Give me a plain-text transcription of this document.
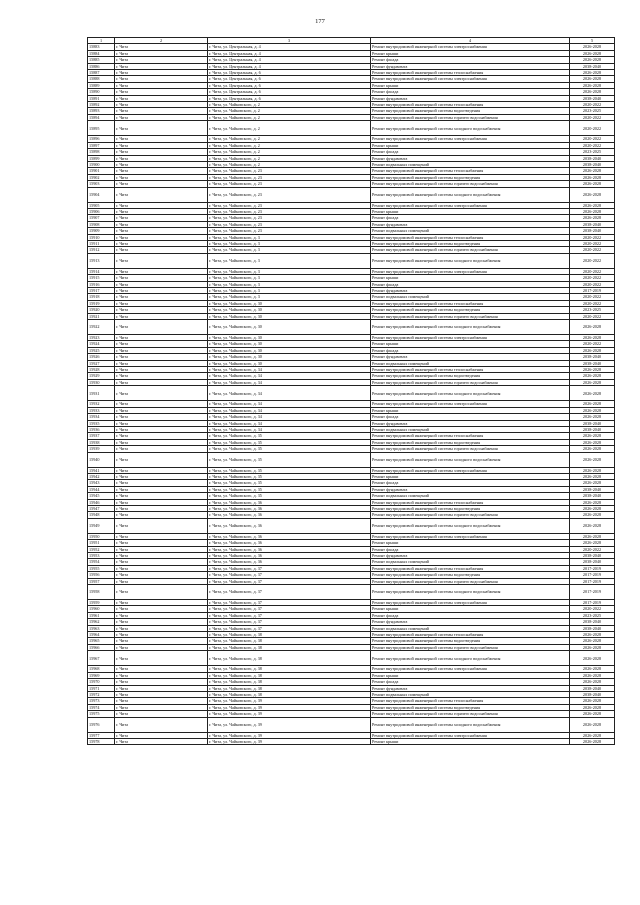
177
1	2	3	4	5
15883	г. Чита	г. Чита, ул. Центральная, д. 4	Ремонт внутридомовой инженерной системы электроснабжения	2026-2028
15884	г. Чита	г. Чита, ул. Центральная, д. 4	Ремонт крыши	2026-2028
15885	г. Чита	г. Чита, ул. Центральная, д. 4	Ремонт фасада	2026-2028
15886	г. Чита	г. Чита, ул. Центральная, д. 4	Ремонт фундамента	2038-2040
15887	г. Чита	г. Чита, ул. Центральная, д. 6	Ремонт внутридомовой инженерной системы теплоснабжения	2026-2028
15888	г. Чита	г. Чита, ул. Центральная, д. 6	Ремонт внутридомовой инженерной системы электроснабжения	2026-2028
15889	г. Чита	г. Чита, ул. Центральная, д. 6	Ремонт крыши	2026-2028
15890	г. Чита	г. Чита, ул. Центральная, д. 6	Ремонт фасада	2026-2028
15891	г. Чита	г. Чита, ул. Центральная, д. 6	Ремонт фундамента	2038-2040
15892	г. Чита	г. Чита, ул. Чайковского, д. 2	Ремонт внутридомовой инженерной системы теплоснабжения	2020-2022
15893	г. Чита	г. Чита, ул. Чайковского, д. 2	Ремонт внутридомовой инженерной системы водоотведения	2023-2025
15894	г. Чита	г. Чита, ул. Чайковского, д. 2	Ремонт внутридомовой инженерной системы горячего водоснабжения	2020-2022
15895	г. Чита	г. Чита, ул. Чайковского, д. 2	Ремонт внутридомовой инженерной системы холодного водоснабжения	2020-2022
15896	г. Чита	г. Чита, ул. Чайковского, д. 2	Ремонт внутридомовой инженерной системы электроснабжения	2020-2022
15897	г. Чита	г. Чита, ул. Чайковского, д. 2	Ремонт крыши	2020-2022
15898	г. Чита	г. Чита, ул. Чайковского, д. 2	Ремонт фасада	2023-2025
15899	г. Чита	г. Чита, ул. Чайковского, д. 2	Ремонт фундамента	2038-2040
15900	г. Чита	г. Чита, ул. Чайковского, д. 2	Ремонт подвальных помещений	2038-2040
15901	г. Чита	г. Чита, ул. Чайковского, д. 23	Ремонт внутридомовой инженерной системы теплоснабжения	2026-2028
15902	г. Чита	г. Чита, ул. Чайковского, д. 23	Ремонт внутридомовой инженерной системы водоотведения	2026-2028
15903	г. Чита	г. Чита, ул. Чайковского, д. 23	Ремонт внутридомовой инженерной системы горячего водоснабжения	2026-2028
15904	г. Чита	г. Чита, ул. Чайковского, д. 23	Ремонт внутридомовой инженерной системы холодного водоснабжения	2026-2028
15905	г. Чита	г. Чита, ул. Чайковского, д. 23	Ремонт внутридомовой инженерной системы электроснабжения	2026-2028
15906	г. Чита	г. Чита, ул. Чайковского, д. 23	Ремонт крыши	2026-2028
15907	г. Чита	г. Чита, ул. Чайковского, д. 23	Ремонт фасада	2026-2028
15908	г. Чита	г. Чита, ул. Чайковского, д. 23	Ремонт фундамента	2038-2040
15909	г. Чита	г. Чита, ул. Чайковского, д. 23	Ремонт подвальных помещений	2038-2040
15910	г. Чита	г. Чита, ул. Чайковского, д. 3	Ремонт внутридомовой инженерной системы теплоснабжения	2020-2022
15911	г. Чита	г. Чита, ул. Чайковского, д. 3	Ремонт внутридомовой инженерной системы водоотведения	2020-2022
15912	г. Чита	г. Чита, ул. Чайковского, д. 3	Ремонт внутридомовой инженерной системы горячего водоснабжения	2020-2022
15913	г. Чита	г. Чита, ул. Чайковского, д. 3	Ремонт внутридомовой инженерной системы холодного водоснабжения	2020-2022
15914	г. Чита	г. Чита, ул. Чайковского, д. 3	Ремонт внутридомовой инженерной системы электроснабжения	2020-2022
15915	г. Чита	г. Чита, ул. Чайковского, д. 3	Ремонт крыши	2020-2022
15916	г. Чита	г. Чита, ул. Чайковского, д. 3	Ремонт фасада	2020-2022
15917	г. Чита	г. Чита, ул. Чайковского, д. 3	Ремонт фундамента	2017-2019
15918	г. Чита	г. Чита, ул. Чайковского, д. 3	Ремонт подвальных помещений	2020-2022
15919	г. Чита	г. Чита, ул. Чайковского, д. 30	Ремонт внутридомовой инженерной системы теплоснабжения	2020-2022
15920	г. Чита	г. Чита, ул. Чайковского, д. 30	Ремонт внутридомовой инженерной системы водоотведения	2023-2025
15921	г. Чита	г. Чита, ул. Чайковского, д. 30	Ремонт внутридомовой инженерной системы горячего водоснабжения	2020-2022
15922	г. Чита	г. Чита, ул. Чайковского, д. 30	Ремонт внутридомовой инженерной системы холодного водоснабжения	2026-2028
15923	г. Чита	г. Чита, ул. Чайковского, д. 30	Ремонт внутридомовой инженерной системы электроснабжения	2026-2028
15924	г. Чита	г. Чита, ул. Чайковского, д. 30	Ремонт крыши	2020-2022
15925	г. Чита	г. Чита, ул. Чайковского, д. 30	Ремонт фасада	2026-2028
15926	г. Чита	г. Чита, ул. Чайковского, д. 30	Ремонт фундамента	2038-2040
15927	г. Чита	г. Чита, ул. Чайковского, д. 30	Ремонт подвальных помещений	2038-2040
15928	г. Чита	г. Чита, ул. Чайковского, д. 34	Ремонт внутридомовой инженерной системы теплоснабжения	2026-2028
15929	г. Чита	г. Чита, ул. Чайковского, д. 34	Ремонт внутридомовой инженерной системы водоотведения	2026-2028
15930	г. Чита	г. Чита, ул. Чайковского, д. 34	Ремонт внутридомовой инженерной системы горячего водоснабжения	2026-2028
15931	г. Чита	г. Чита, ул. Чайковского, д. 34	Ремонт внутридомовой инженерной системы холодного водоснабжения	2026-2028
15932	г. Чита	г. Чита, ул. Чайковского, д. 34	Ремонт внутридомовой инженерной системы электроснабжения	2026-2028
15933	г. Чита	г. Чита, ул. Чайковского, д. 34	Ремонт крыши	2026-2028
15934	г. Чита	г. Чита, ул. Чайковского, д. 34	Ремонт фасада	2026-2028
15935	г. Чита	г. Чита, ул. Чайковского, д. 34	Ремонт фундамента	2038-2040
15936	г. Чита	г. Чита, ул. Чайковского, д. 34	Ремонт подвальных помещений	2038-2040
15937	г. Чита	г. Чита, ул. Чайковского, д. 35	Ремонт внутридомовой инженерной системы теплоснабжения	2026-2028
15938	г. Чита	г. Чита, ул. Чайковского, д. 35	Ремонт внутридомовой инженерной системы водоотведения	2026-2028
15939	г. Чита	г. Чита, ул. Чайковского, д. 35	Ремонт внутридомовой инженерной системы горячего водоснабжения	2026-2028
15940	г. Чита	г. Чита, ул. Чайковского, д. 35	Ремонт внутридомовой инженерной системы холодного водоснабжения	2026-2028
15941	г. Чита	г. Чита, ул. Чайковского, д. 35	Ремонт внутридомовой инженерной системы электроснабжения	2026-2028
15942	г. Чита	г. Чита, ул. Чайковского, д. 35	Ремонт крыши	2026-2028
15943	г. Чита	г. Чита, ул. Чайковского, д. 35	Ремонт фасада	2026-2028
15944	г. Чита	г. Чита, ул. Чайковского, д. 35	Ремонт фундамента	2038-2040
15945	г. Чита	г. Чита, ул. Чайковского, д. 35	Ремонт подвальных помещений	2038-2040
15946	г. Чита	г. Чита, ул. Чайковского, д. 36	Ремонт внутридомовой инженерной системы теплоснабжения	2026-2028
15947	г. Чита	г. Чита, ул. Чайковского, д. 36	Ремонт внутридомовой инженерной системы водоотведения	2026-2028
15948	г. Чита	г. Чита, ул. Чайковского, д. 36	Ремонт внутридомовой инженерной системы горячего водоснабжения	2026-2028
15949	г. Чита	г. Чита, ул. Чайковского, д. 36	Ремонт внутридомовой инженерной системы холодного водоснабжения	2026-2028
15950	г. Чита	г. Чита, ул. Чайковского, д. 36	Ремонт внутридомовой инженерной системы электроснабжения	2026-2028
15951	г. Чита	г. Чита, ул. Чайковского, д. 36	Ремонт крыши	2026-2028
15952	г. Чита	г. Чита, ул. Чайковского, д. 36	Ремонт фасада	2020-2022
15953	г. Чита	г. Чита, ул. Чайковского, д. 36	Ремонт фундамента	2038-2040
15954	г. Чита	г. Чита, ул. Чайковского, д. 36	Ремонт подвальных помещений	2038-2040
15955	г. Чита	г. Чита, ул. Чайковского, д. 37	Ремонт внутридомовой инженерной системы теплоснабжения	2017-2019
15956	г. Чита	г. Чита, ул. Чайковского, д. 37	Ремонт внутридомовой инженерной системы водоотведения	2017-2019
15957	г. Чита	г. Чита, ул. Чайковского, д. 37	Ремонт внутридомовой инженерной системы горячего водоснабжения	2017-2019
15958	г. Чита	г. Чита, ул. Чайковского, д. 37	Ремонт внутридомовой инженерной системы холодного водоснабжения	2017-2019
15959	г. Чита	г. Чита, ул. Чайковского, д. 37	Ремонт внутридомовой инженерной системы электроснабжения	2017-2019
15960	г. Чита	г. Чита, ул. Чайковского, д. 37	Ремонт крыши	2020-2022
15961	г. Чита	г. Чита, ул. Чайковского, д. 37	Ремонт фасада	2023-2025
15962	г. Чита	г. Чита, ул. Чайковского, д. 37	Ремонт фундамента	2038-2040
15963	г. Чита	г. Чита, ул. Чайковского, д. 37	Ремонт подвальных помещений	2038-2040
15964	г. Чита	г. Чита, ул. Чайковского, д. 38	Ремонт внутридомовой инженерной системы теплоснабжения	2026-2028
15965	г. Чита	г. Чита, ул. Чайковского, д. 38	Ремонт внутридомовой инженерной системы водоотведения	2026-2028
15966	г. Чита	г. Чита, ул. Чайковского, д. 38	Ремонт внутридомовой инженерной системы горячего водоснабжения	2026-2028
15967	г. Чита	г. Чита, ул. Чайковского, д. 38	Ремонт внутридомовой инженерной системы холодного водоснабжения	2026-2028
15968	г. Чита	г. Чита, ул. Чайковского, д. 38	Ремонт внутридомовой инженерной системы электроснабжения	2026-2028
15969	г. Чита	г. Чита, ул. Чайковского, д. 38	Ремонт крыши	2026-2028
15970	г. Чита	г. Чита, ул. Чайковского, д. 38	Ремонт фасада	2026-2028
15971	г. Чита	г. Чита, ул. Чайковского, д. 38	Ремонт фундамента	2038-2040
15972	г. Чита	г. Чита, ул. Чайковского, д. 38	Ремонт подвальных помещений	2038-2040
15973	г. Чита	г. Чита, ул. Чайковского, д. 39	Ремонт внутридомовой инженерной системы теплоснабжения	2026-2028
15974	г. Чита	г. Чита, ул. Чайковского, д. 39	Ремонт внутридомовой инженерной системы водоотведения	2026-2028
15975	г. Чита	г. Чита, ул. Чайковского, д. 39	Ремонт внутридомовой инженерной системы горячего водоснабжения	2026-2028
15976	г. Чита	г. Чита, ул. Чайковского, д. 39	Ремонт внутридомовой инженерной системы холодного водоснабжения	2026-2028
15977	г. Чита	г. Чита, ул. Чайковского, д. 39	Ремонт внутридомовой инженерной системы электроснабжения	2026-2028
15978	г. Чита	г. Чита, ул. Чайковского, д. 39	Ремонт крыши	2026-2028
